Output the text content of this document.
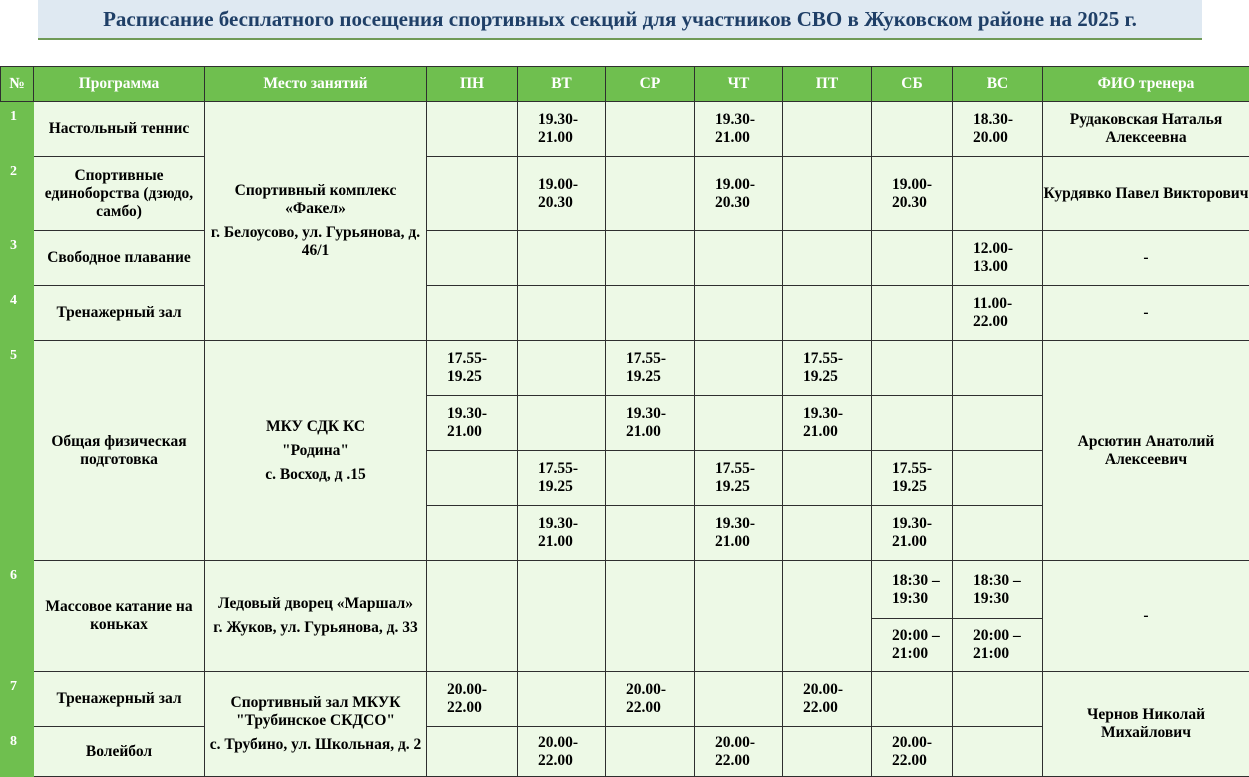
Расписание бесплатного посещения спортивных секций для участников СВО в Жуковском районе на 2025 г.
№	Программа	Место занятий	ПН	ВТ	СР	ЧТ	ПТ	СБ	ВС	ФИО тренера
1	Настольный теннис	Спортивный комплекс «Факел»
г. Белоусово, ул. Гурьянова, д. 46/1		19.30-21.00		19.30-21.00			18.30-20.00	Рудаковская Наталья Алексеевна
2	Спортивные единоборства (дзюдо, самбо)			19.00-20.30		19.00-20.30		19.00-20.30		Курдявко Павел Викторович
3	Свободное плавание								12.00-13.00	-
4	Тренажерный зал								11.00-22.00	-
5	Общая физическая подготовка	МКУ СДК КС
"Родина"
с. Восход, д .15	17.55-19.25		17.55-19.25		17.55-19.25			Арсютин Анатолий Алексеевич
			19.30-21.00		19.30-21.00		19.30-21.00			
				17.55-19.25		17.55-19.25		17.55-19.25		
				19.30-21.00		19.30-21.00		19.30-21.00		
6	Массовое катание на коньках	Ледовый дворец «Маршал»
г. Жуков, ул. Гурьянова, д. 33						18:30 – 19:30	18:30 – 19:30	-
								20:00 – 21:00	20:00 – 21:00	
7	Тренажерный зал	Спортивный зал МКУК "Трубинское СКДСО"
с. Трубино, ул. Школьная, д. 2	20.00-22.00		20.00-22.00		20.00-22.00			Чернов Николай Михайлович
8	Волейбол			20.00-22.00		20.00-22.00		20.00-22.00		
